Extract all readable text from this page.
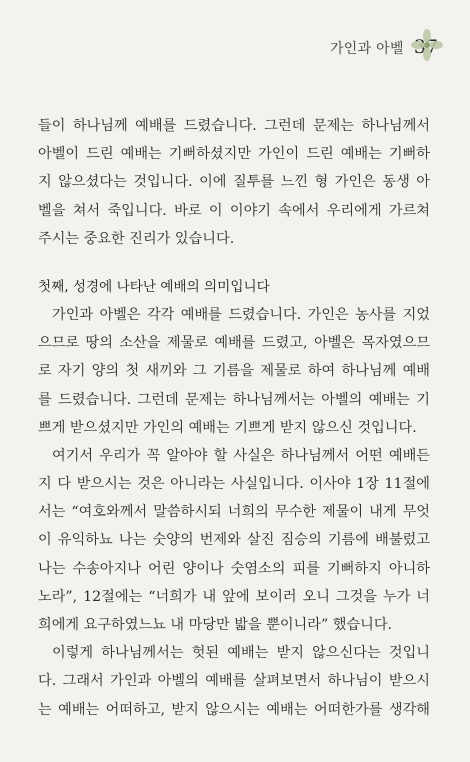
가인과 아벨
들이 하나님께 예배를 드렸습니다. 그런데 문제는 하나님께서
아벨이 드린 예배는 기뻐하셨지만 가인이 드린 예배는 기뻐하
지 않으셨다는 것입니다. 이에 질투를 느낀 형 가인은 동생 아
벨을 쳐서 죽입니다. 바로 이 이야기 속에서 우리에게 가르쳐
주시는 중요한 진리가 있습니다.
첫째, 성경에 나타난 예배의 의미입니다
가인과 아벨은 각각 예배를 드렸습니다. 가인은 농사를 지었
으므로 땅의 소산을 제물로 예배를 드렸고, 아벨은 목자였으므
로 자기 양의 첫 새끼와 그 기름을 제물로 하여 하나님께 예배
를 드렸습니다. 그런데 문제는 하나님께서는 아벨의 예배는 기
쁘게 받으셨지만 가인의 예배는 기쁘게 받지 않으신 것입니다.
여기서 우리가 꼭 알아야 할 사실은 하나님께서 어떤 예배든
지 다 받으시는 것은 아니라는 사실입니다. 이사야 1장 11절에
서는 “여호와께서 말씀하시되 너희의 무수한 제물이 내게 무엇
이 유익하뇨 나는 숫양의 번제와 살진 짐승의 기름에 배불렀고
나는 수송아지나 어린 양이나 숫염소의 피를 기뻐하지 아니하
노라”, 12절에는 “너희가 내 앞에 보이러 오니 그것을 누가 너
희에게 요구하였느뇨 내 마당만 밟을 뿐이니라” 했습니다.
이렇게 하나님께서는 헛된 예배는 받지 않으신다는 것입니
다. 그래서 가인과 아벨의 예배를 살펴보면서 하나님이 받으시
는 예배는 어떠하고, 받지 않으시는 예배는 어떠한가를 생각해
